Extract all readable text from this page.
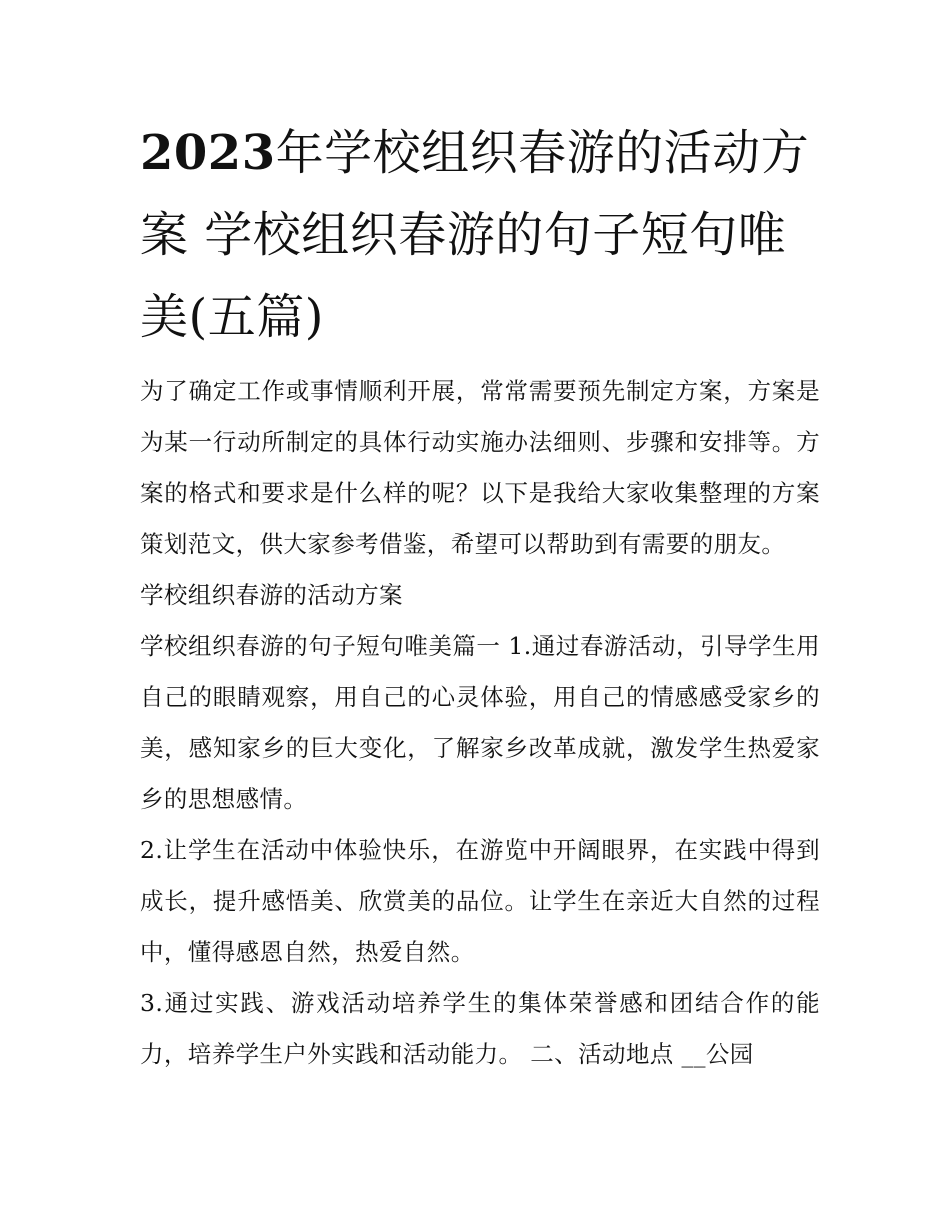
2023年学校组织春游的活动方案 学校组织春游的句子短句唯美(五篇)

为了确定工作或事情顺利开展，常常需要预先制定方案，方案是为某一行动所制定的具体行动实施办法细则、步骤和安排等。方案的格式和要求是什么样的呢？以下是我给大家收集整理的方案策划范文，供大家参考借鉴，希望可以帮助到有需要的朋友。

学校组织春游的活动方案

学校组织春游的句子短句唯美篇一 1.通过春游活动，引导学生用自己的眼睛观察，用自己的心灵体验，用自己的情感感受家乡的美，感知家乡的巨大变化，了解家乡改革成就，激发学生热爱家乡的思想感情。

2.让学生在活动中体验快乐，在游览中开阔眼界，在实践中得到成长，提升感悟美、欣赏美的品位。让学生在亲近大自然的过程中，懂得感恩自然，热爱自然。

3.通过实践、游戏活动培养学生的集体荣誉感和团结合作的能力，培养学生户外实践和活动能力。 二、活动地点 __公园
